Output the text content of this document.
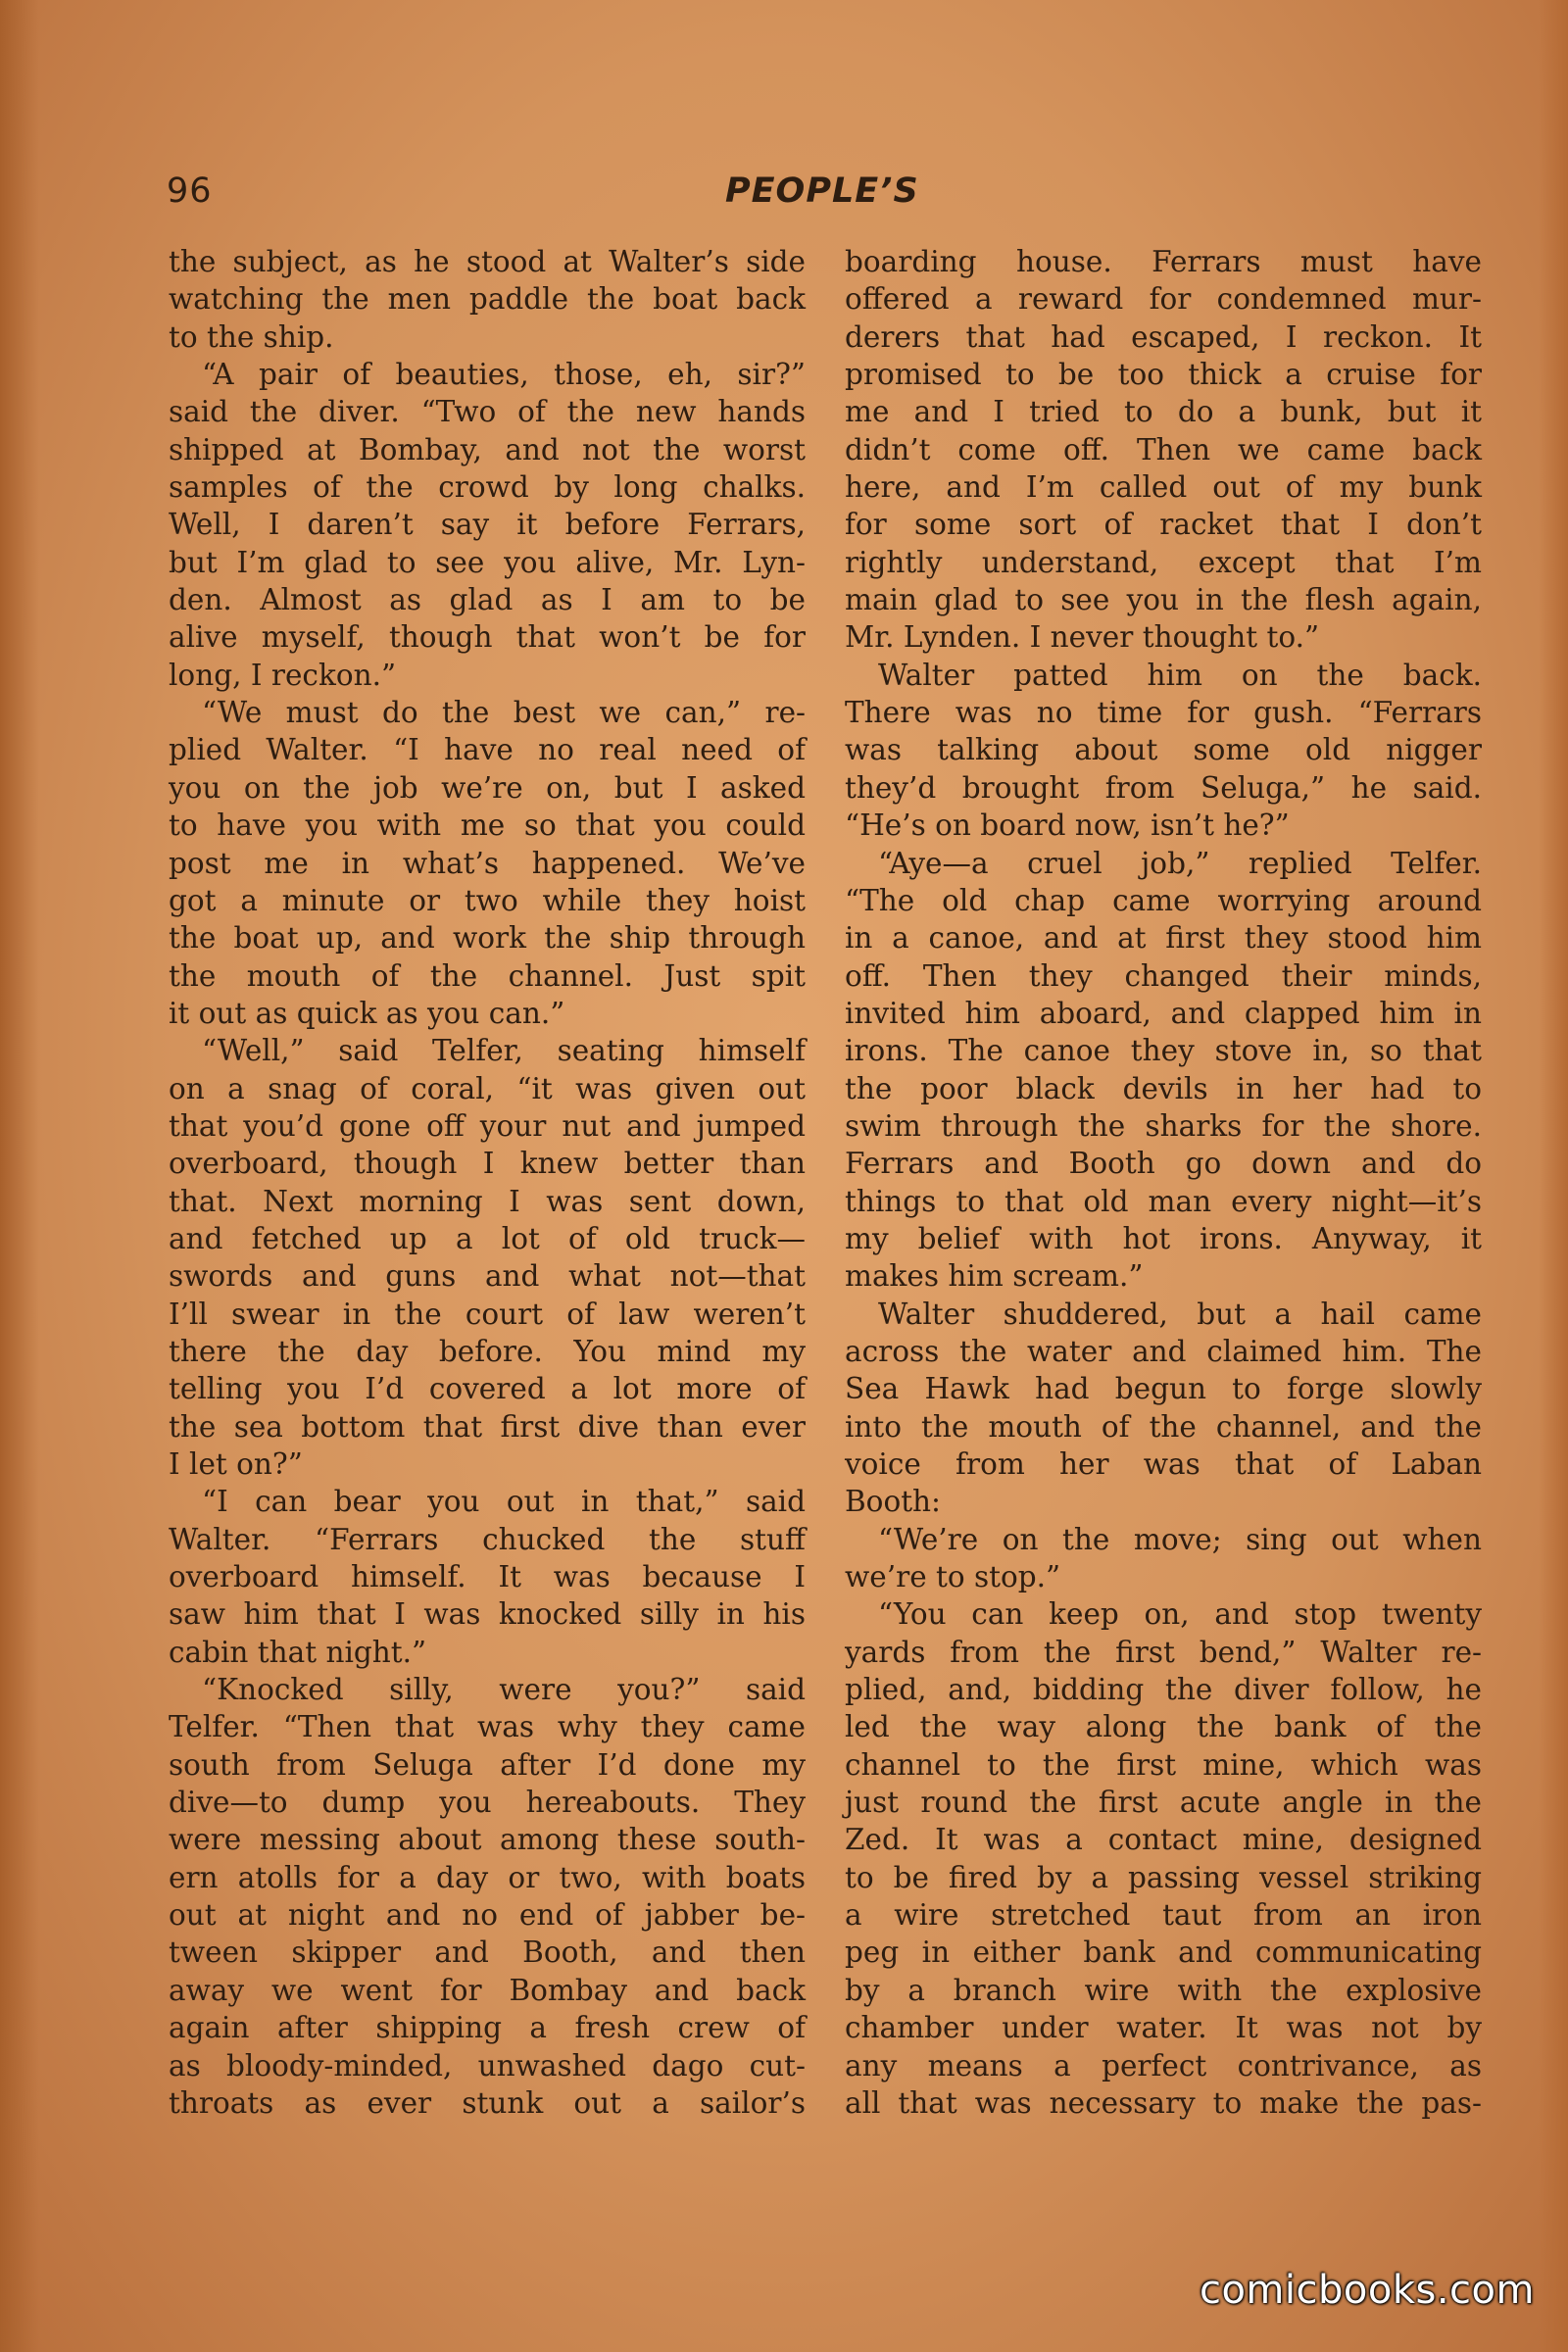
96	PEOPLE’S
the subject, as he stood at Walter’s side
watching the men paddle the boat back
to the ship.
“A pair of beauties, those, eh, sir?”
said the diver. “Two of the new hands
shipped at Bombay, and not the worst
samples of the crowd by long chalks.
Well, I daren’t say it before Ferrars,
but I’m glad to see you alive, Mr. Lyn-
den. Almost as glad as I am to be
alive myself, though that won’t be for
long, I reckon.”
“We must do the best we can,” re-
plied Walter. “I have no real need of
you on the job we’re on, but I asked
to have you with me so that you could
post me in what’s happened. We’ve
got a minute or two while they hoist
the boat up, and work the ship through
the mouth of the channel. Just spit
it out as quick as you can.”
“Well,” said Telfer, seating himself
on a snag of coral, “it was given out
that you’d gone off your nut and jumped
overboard, though I knew better than
that. Next morning I was sent down,
and fetched up a lot of old truck—
swords and guns and what not—that
I’ll swear in the court of law weren’t
there the day before. You mind my
telling you I’d covered a lot more of
the sea bottom that first dive than ever
I let on?”
“I can bear you out in that,” said
Walter. “Ferrars chucked the stuff
overboard himself. It was because I
saw him that I was knocked silly in his
cabin that night.”
“Knocked silly, were you?” said
Telfer. “Then that was why they came
south from Seluga after I’d done my
dive—to dump you hereabouts. They
were messing about among these south-
ern atolls for a day or two, with boats
out at night and no end of jabber be-
tween skipper and Booth, and then
away we went for Bombay and back
again after shipping a fresh crew of
as bloody-minded, unwashed dago cut-
throats as ever stunk out a sailor’s
boarding house. Ferrars must have
offered a reward for condemned mur-
derers that had escaped, I reckon. It
promised to be too thick a cruise for
me and I tried to do a bunk, but it
didn’t come off. Then we came back
here, and I’m called out of my bunk
for some sort of racket that I don’t
rightly understand, except that I’m
main glad to see you in the flesh again,
Mr. Lynden. I never thought to.”
Walter patted him on the back.
There was no time for gush. “Ferrars
was talking about some old nigger
they’d brought from Seluga,” he said.
“He’s on board now, isn’t he?”
“Aye—a cruel job,” replied Telfer.
“The old chap came worrying around
in a canoe, and at first they stood him
off. Then they changed their minds,
invited him aboard, and clapped him in
irons. The canoe they stove in, so that
the poor black devils in her had to
swim through the sharks for the shore.
Ferrars and Booth go down and do
things to that old man every night—it’s
my belief with hot irons. Anyway, it
makes him scream.”
Walter shuddered, but a hail came
across the water and claimed him. The
Sea Hawk had begun to forge slowly
into the mouth of the channel, and the
voice from her was that of Laban
Booth:
“We’re on the move; sing out when
we’re to stop.”
“You can keep on, and stop twenty
yards from the first bend,” Walter re-
plied, and, bidding the diver follow, he
led the way along the bank of the
channel to the first mine, which was
just round the first acute angle in the
Zed. It was a contact mine, designed
to be fired by a passing vessel striking
a wire stretched taut from an iron
peg in either bank and communicating
by a branch wire with the explosive
chamber under water. It was not by
any means a perfect contrivance, as
all that was necessary to make the pas-
comicbooks.com
